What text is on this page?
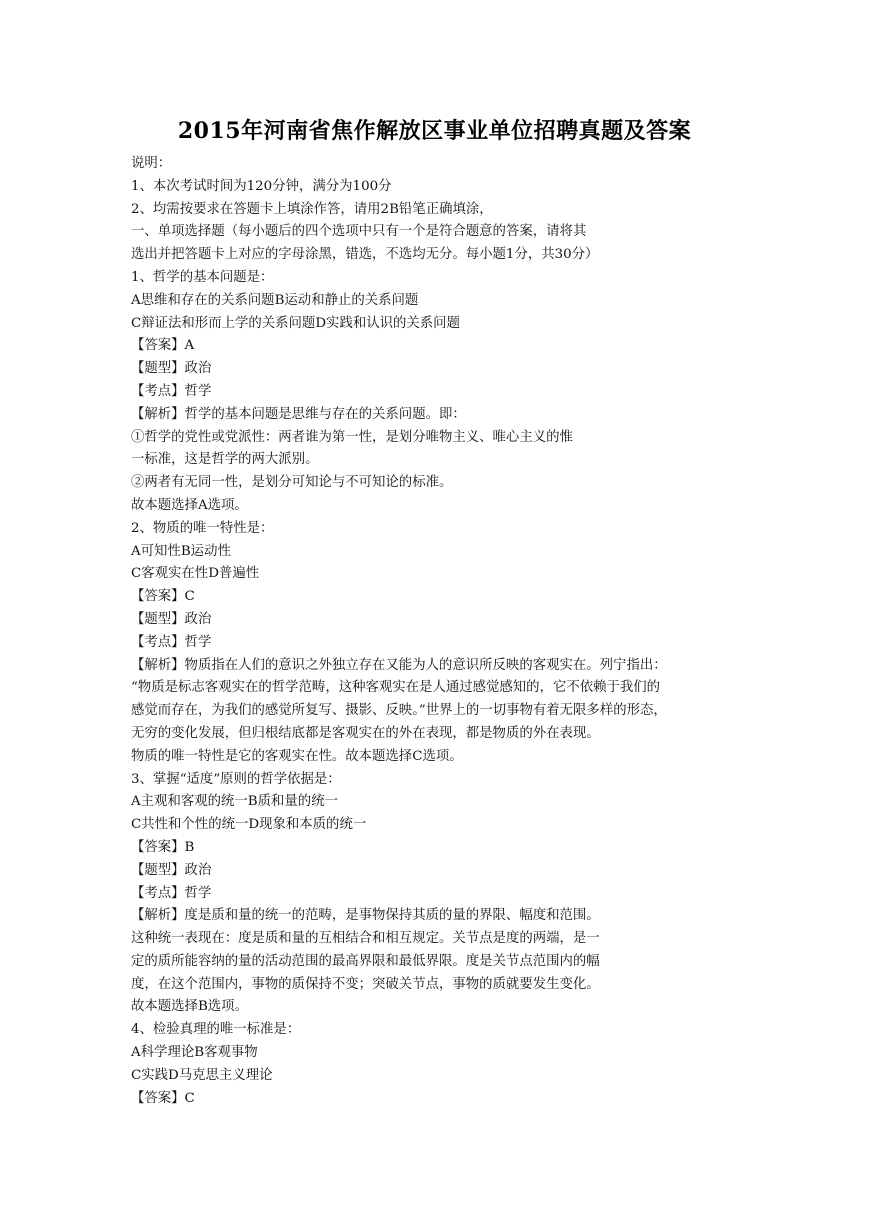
2015年河南省焦作解放区事业单位招聘真题及答案
说明：
1、本次考试时间为120分钟，满分为100分
2、均需按要求在答题卡上填涂作答，请用2B铅笔正确填涂，
一、单项选择题（每小题后的四个选项中只有一个是符合题意的答案，请将其
选出并把答题卡上对应的字母涂黑，错选，不选均无分。每小题1分，共30分）
1、哲学的基本问题是：
A思维和存在的关系问题B运动和静止的关系问题
C辩证法和形而上学的关系问题D实践和认识的关系问题
【答案】A
【题型】政治
【考点】哲学
【解析】哲学的基本问题是思维与存在的关系问题。即：
①哲学的党性或党派性：两者谁为第一性，是划分唯物主义、唯心主义的惟
一标准，这是哲学的两大派别。
②两者有无同一性，是划分可知论与不可知论的标准。
故本题选择A选项。
2、物质的唯一特性是：
A可知性B运动性
C客观实在性D普遍性
【答案】C
【题型】政治
【考点】哲学
【解析】物质指在人们的意识之外独立存在又能为人的意识所反映的客观实在。列宁指出：
“物质是标志客观实在的哲学范畴，这种客观实在是人通过感觉感知的，它不依赖于我们的
感觉而存在，为我们的感觉所复写、摄影、反映。”世界上的一切事物有着无限多样的形态，
无穷的变化发展，但归根结底都是客观实在的外在表现，都是物质的外在表现。
物质的唯一特性是它的客观实在性。故本题选择C选项。
3、掌握“适度”原则的哲学依据是：
A主观和客观的统一B质和量的统一
C共性和个性的统一D现象和本质的统一
【答案】B
【题型】政治
【考点】哲学
【解析】度是质和量的统一的范畴，是事物保持其质的量的界限、幅度和范围。
这种统一表现在：度是质和量的互相结合和相互规定。关节点是度的两端，是一
定的质所能容纳的量的活动范围的最高界限和最低界限。度是关节点范围内的幅
度，在这个范围内，事物的质保持不变；突破关节点，事物的质就要发生变化。
故本题选择B选项。
4、检验真理的唯一标准是：
A科学理论B客观事物
C实践D马克思主义理论
【答案】C
